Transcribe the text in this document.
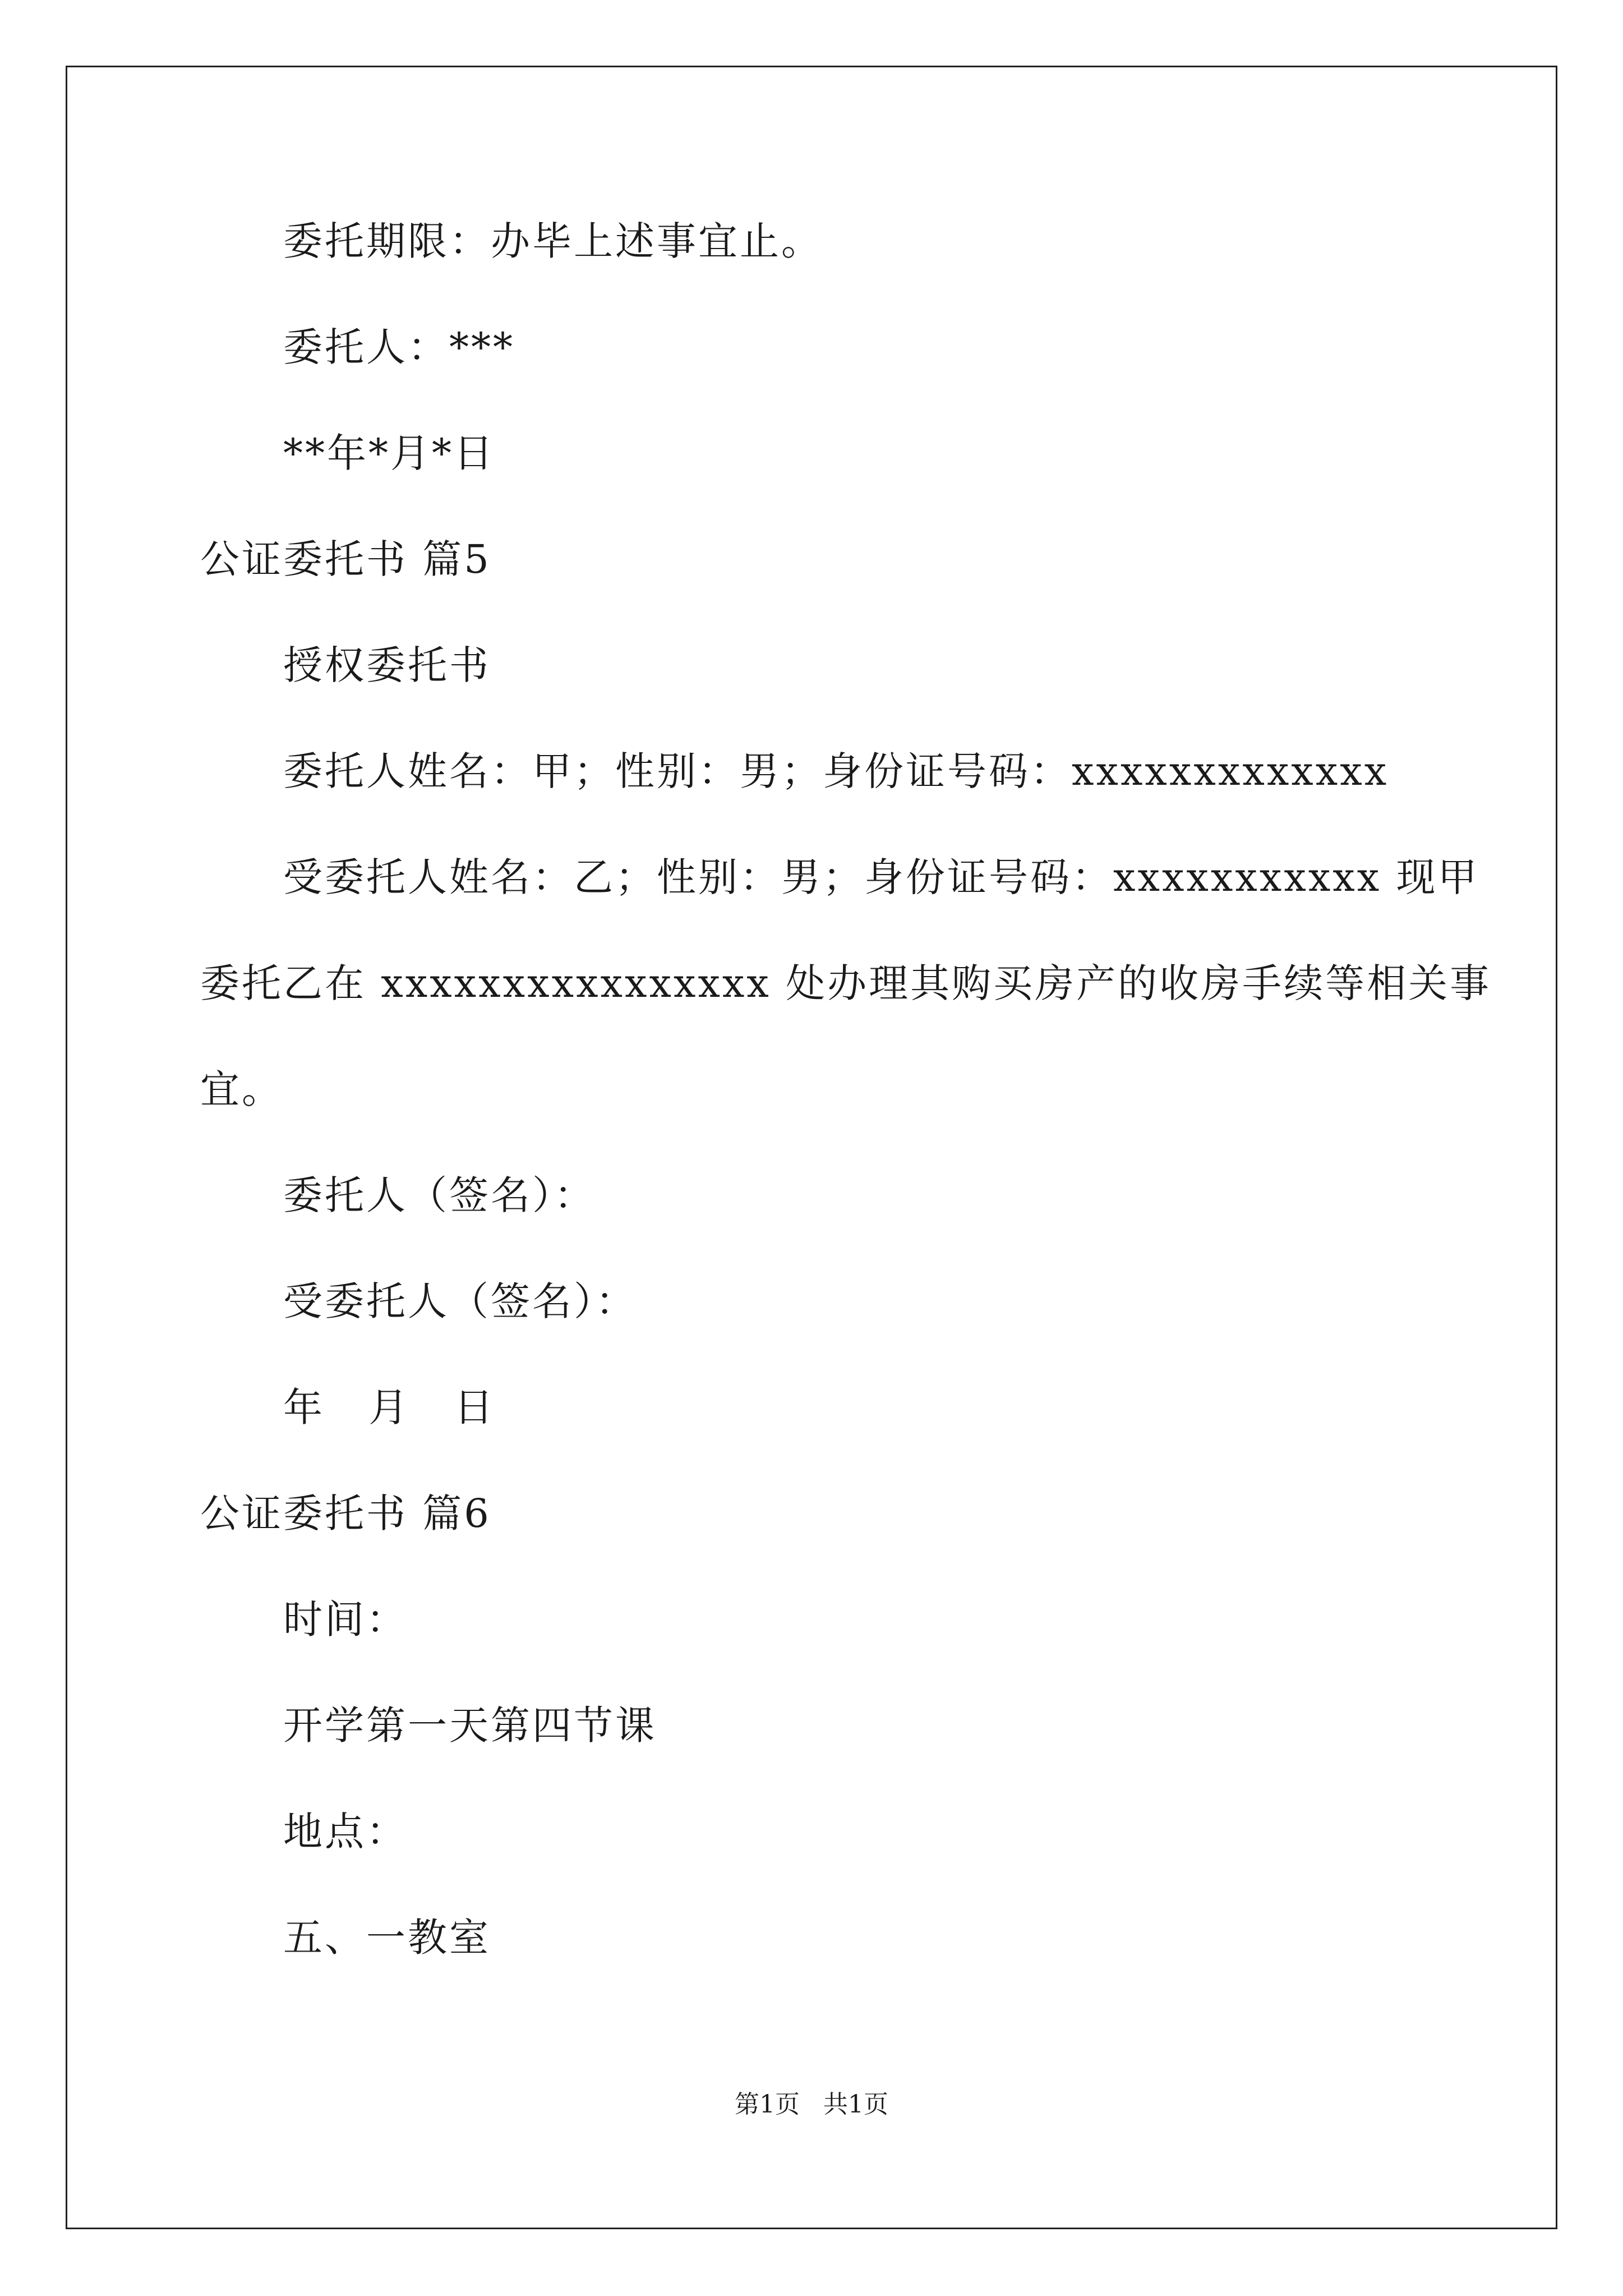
委托期限：办毕上述事宜止。
委托人：***
**年*月*日
公证委托书 篇5
授权委托书
委托人姓名：甲；性别：男；身份证号码：xxxxxxxxxxxxx
受委托人姓名：乙；性别：男；身份证号码：xxxxxxxxxxx 现甲
委托乙在 xxxxxxxxxxxxxxxx 处办理其购买房产的收房手续等相关事
宜。
委托人（签名）：
受委托人（签名）：
年 月 日
公证委托书 篇6
时间：
开学第一天第四节课
地点：
五、一教室
第1页   共1页
